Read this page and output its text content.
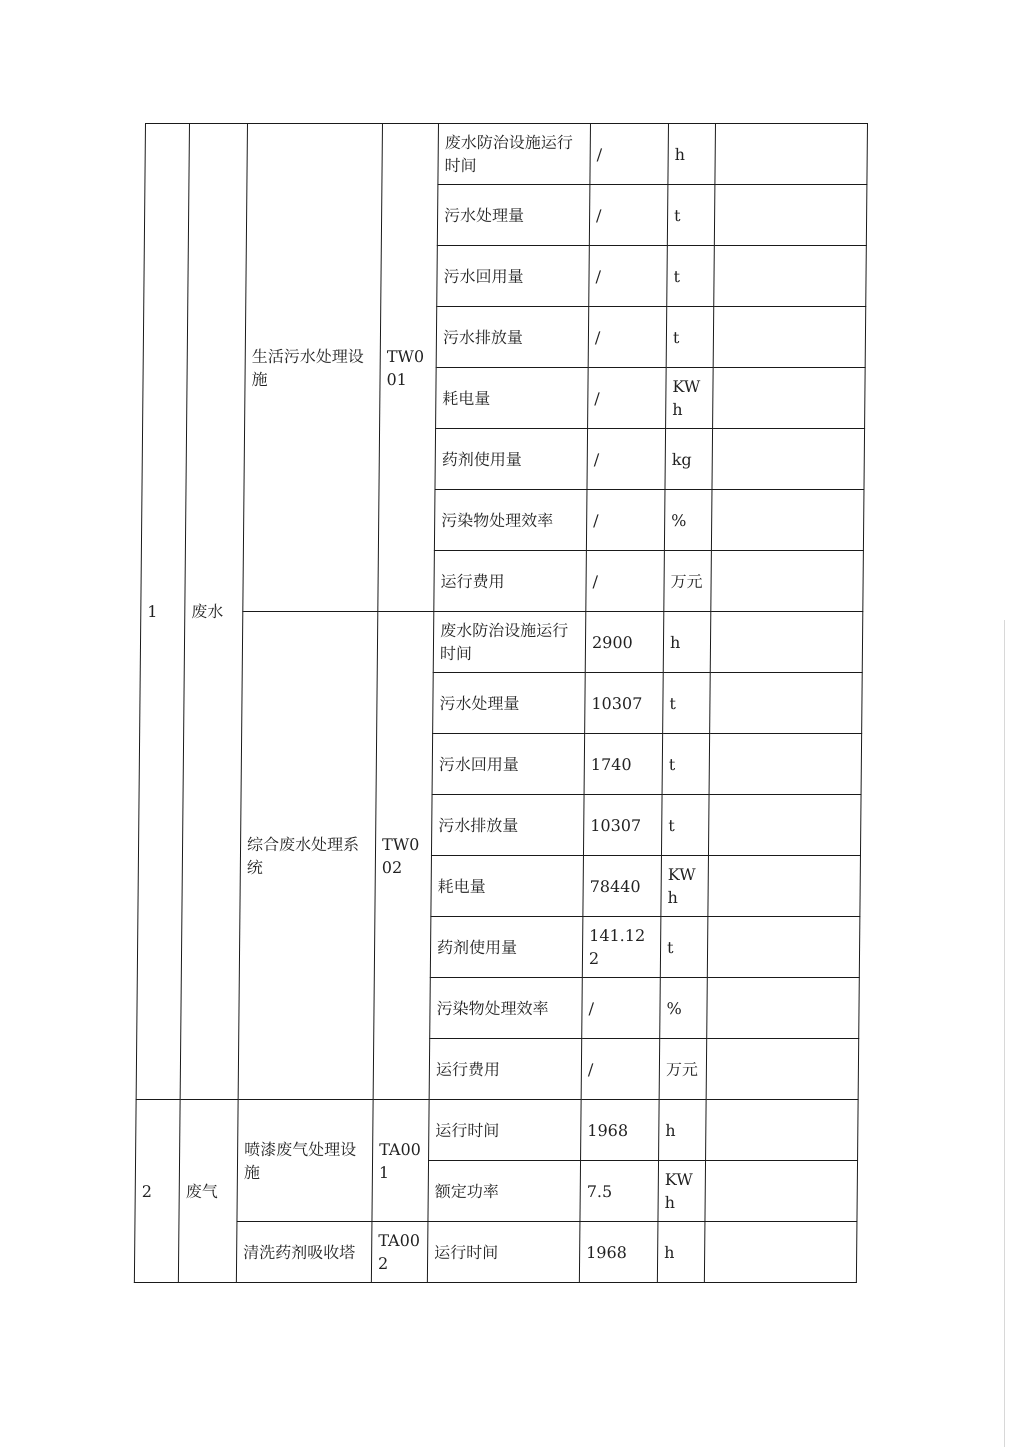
1	废水	生活污水处理设施	TW001	废水防治设施运行时间	/	h	
				污水处理量	/	t	
				污水回用量	/	t	
				污水排放量	/	t	
				耗电量	/	KWh	
				药剂使用量	/	kg	
				污染物处理效率	/	%	
				运行费用	/	万元	
		综合废水处理系统	TW002	废水防治设施运行时间	2900	h	
				污水处理量	10307	t	
				污水回用量	1740	t	
				污水排放量	10307	t	
				耗电量	78440	KWh	
				药剂使用量	141.122	t	
				污染物处理效率	/	%	
				运行费用	/	万元	
2	废气	喷漆废气处理设施	TA001	运行时间	1968	h	
				额定功率	7.5	KWh	
		清洗药剂吸收塔	TA002	运行时间	1968	h	
